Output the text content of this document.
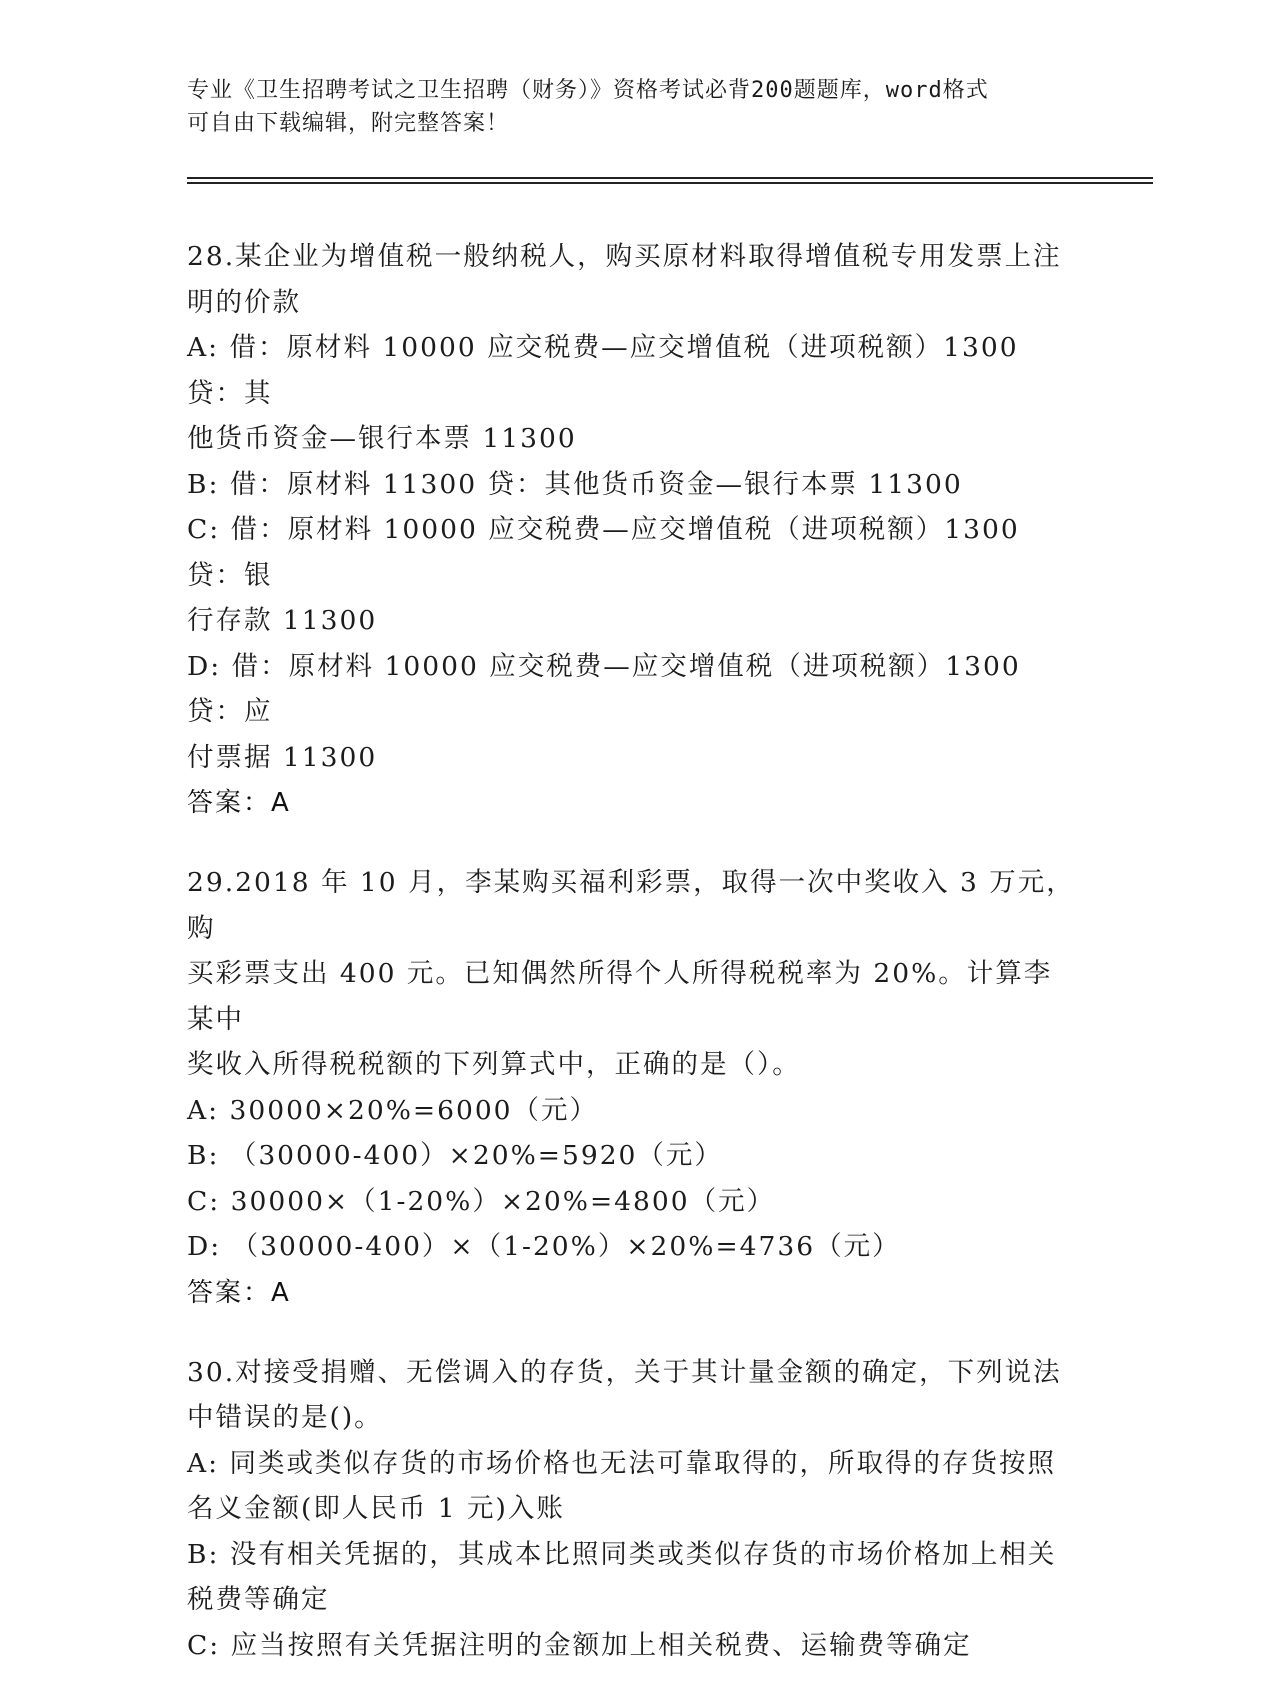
专业《卫生招聘考试之卫生招聘（财务）》资格考试必背200题题库，word格式
可自由下载编辑，附完整答案！
28.某企业为增值税一般纳税人，购买原材料取得增值税专用发票上注
明的价款
A: 借：原材料 10000 应交税费—应交增值税（进项税额）1300 贷：其
他货币资金—银行本票 11300
B: 借：原材料 11300 贷：其他货币资金—银行本票 11300
C: 借：原材料 10000 应交税费—应交增值税（进项税额）1300 贷：银
行存款 11300
D: 借：原材料 10000 应交税费—应交增值税（进项税额）1300 贷：应
付票据 11300
答案：A
29.2018 年 10 月，李某购买福利彩票，取得一次中奖收入 3 万元，购
买彩票支出 400 元。已知偶然所得个人所得税税率为 20%。计算李某中
奖收入所得税税额的下列算式中，正确的是（）。
A: 30000×20%=6000（元）
B: （30000-400）×20%=5920（元）
C: 30000×（1-20%）×20%=4800（元）
D: （30000-400）×（1-20%）×20%=4736（元）
答案：A
30.对接受捐赠、无偿调入的存货，关于其计量金额的确定，下列说法
中错误的是()。
A: 同类或类似存货的市场价格也无法可靠取得的，所取得的存货按照
名义金额(即人民币 1 元)入账
B: 没有相关凭据的，其成本比照同类或类似存货的市场价格加上相关
税费等确定
C: 应当按照有关凭据注明的金额加上相关税费、运输费等确定
